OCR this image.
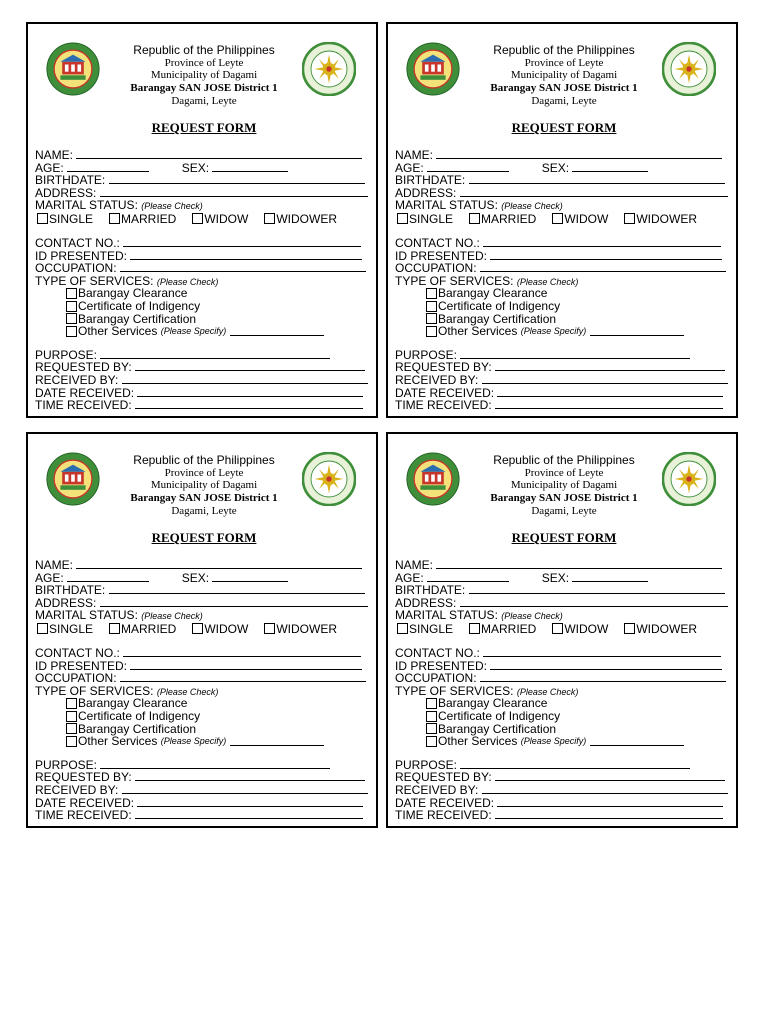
Republic of the Philippines
Province of Leyte
Municipality of Dagami
Barangay SAN JOSE District 1
Dagami, Leyte
REQUEST FORM
NAME:
AGE:	SEX:
BIRTHDATE:
ADDRESS:
MARITAL STATUS: (Please Check)
SINGLE MARRIED WIDOW WIDOWER
CONTACT NO.:
ID PRESENTED:
OCCUPATION:
TYPE OF SERVICES: (Please Check)
Barangay Clearance
Certificate of Indigency
Barangay Certification
Other Services
(Please Specify)

PURPOSE:
REQUESTED BY:
RECEIVED BY:
DATE RECEIVED:
TIME RECEIVED:
Republic of the Philippines
Province of Leyte
Municipality of Dagami
Barangay SAN JOSE District 1
Dagami, Leyte
REQUEST FORM
NAME:
AGE:	SEX:
BIRTHDATE:
ADDRESS:
MARITAL STATUS: (Please Check)
SINGLE MARRIED WIDOW WIDOWER
CONTACT NO.:
ID PRESENTED:
OCCUPATION:
TYPE OF SERVICES: (Please Check)
Barangay Clearance
Certificate of Indigency
Barangay Certification
Other Services
(Please Specify)

PURPOSE:
REQUESTED BY:
RECEIVED BY:
DATE RECEIVED:
TIME RECEIVED:
Republic of the Philippines
Province of Leyte
Municipality of Dagami
Barangay SAN JOSE District 1
Dagami, Leyte
REQUEST FORM
NAME:
AGE:	SEX:
BIRTHDATE:
ADDRESS:
MARITAL STATUS: (Please Check)
SINGLE MARRIED WIDOW WIDOWER
CONTACT NO.:
ID PRESENTED:
OCCUPATION:
TYPE OF SERVICES: (Please Check)
Barangay Clearance
Certificate of Indigency
Barangay Certification
Other Services
(Please Specify)

PURPOSE:
REQUESTED BY:
RECEIVED BY:
DATE RECEIVED:
TIME RECEIVED:
Republic of the Philippines
Province of Leyte
Municipality of Dagami
Barangay SAN JOSE District 1
Dagami, Leyte
REQUEST FORM
NAME:
AGE:	SEX:
BIRTHDATE:
ADDRESS:
MARITAL STATUS: (Please Check)
SINGLE MARRIED WIDOW WIDOWER
CONTACT NO.:
ID PRESENTED:
OCCUPATION:
TYPE OF SERVICES: (Please Check)
Barangay Clearance
Certificate of Indigency
Barangay Certification
Other Services
(Please Specify)

PURPOSE:
REQUESTED BY:
RECEIVED BY:
DATE RECEIVED:
TIME RECEIVED:
